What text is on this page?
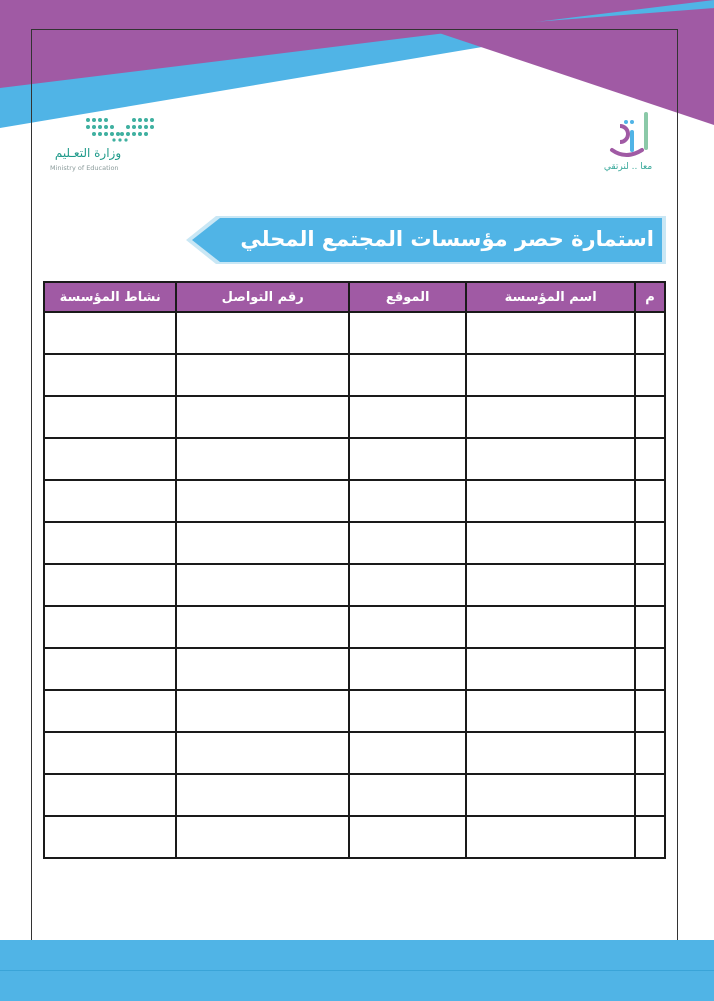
وزارة التعـليم
Ministry of Education	معا .. لنرتقي
استمارة حصر مؤسسات المجتمع المحلي
م	اسم المؤسسة	الموقع	رقم التواصل	نشاط المؤسسة
